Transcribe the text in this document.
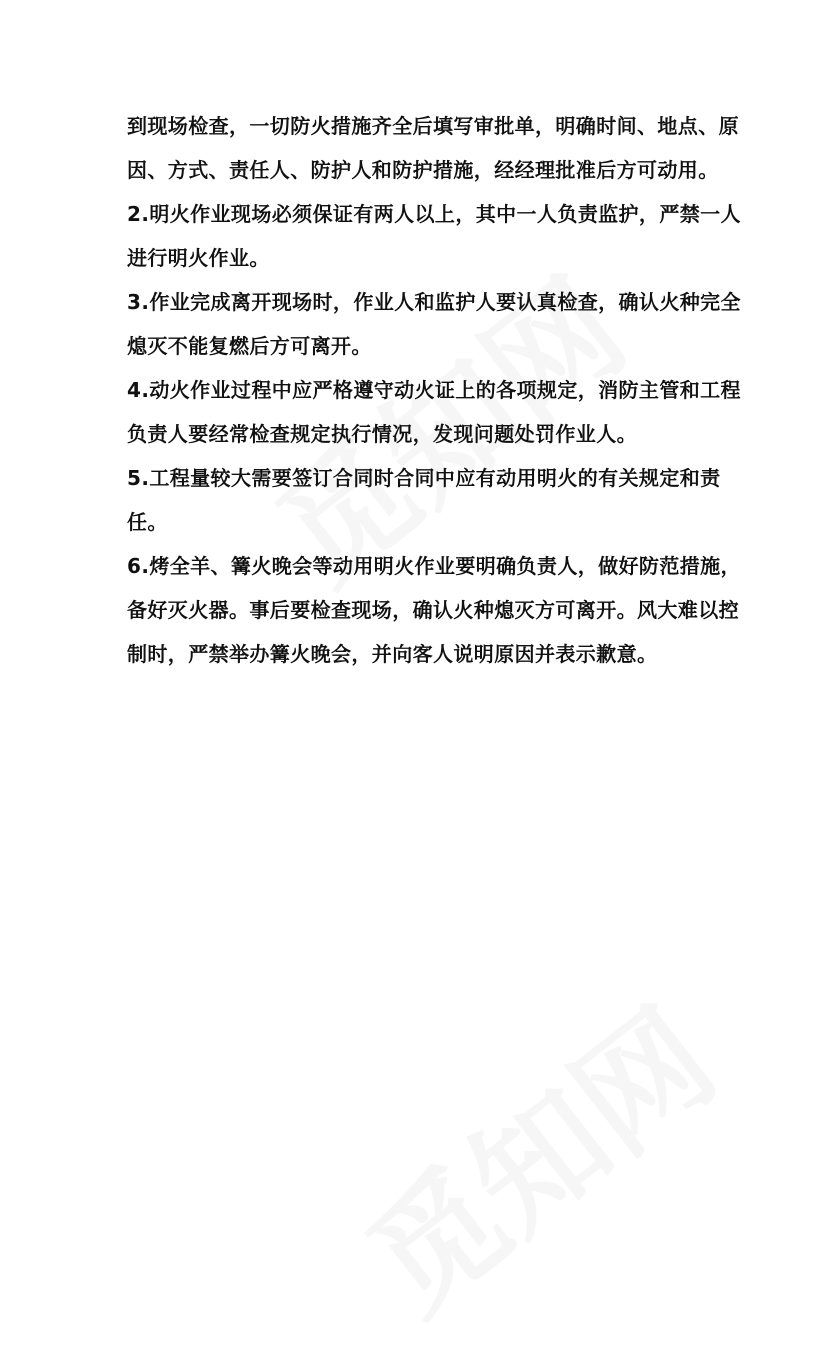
到现场检查，一切防火措施齐全后填写审批单，明确时间、地点、原
因、方式、责任人、防护人和防护措施，经经理批准后方可动用。
2.明火作业现场必须保证有两人以上，其中一人负责监护，严禁一人
进行明火作业。
3.作业完成离开现场时，作业人和监护人要认真检查，确认火种完全
熄灭不能复燃后方可离开。
4.动火作业过程中应严格遵守动火证上的各项规定，消防主管和工程
负责人要经常检查规定执行情况，发现问题处罚作业人。
5.工程量较大需要签订合同时合同中应有动用明火的有关规定和责
任。
6.烤全羊、篝火晚会等动用明火作业要明确负责人，做好防范措施，
备好灭火器。事后要检查现场，确认火种熄灭方可离开。风大难以控
制时，严禁举办篝火晚会，并向客人说明原因并表示歉意。
